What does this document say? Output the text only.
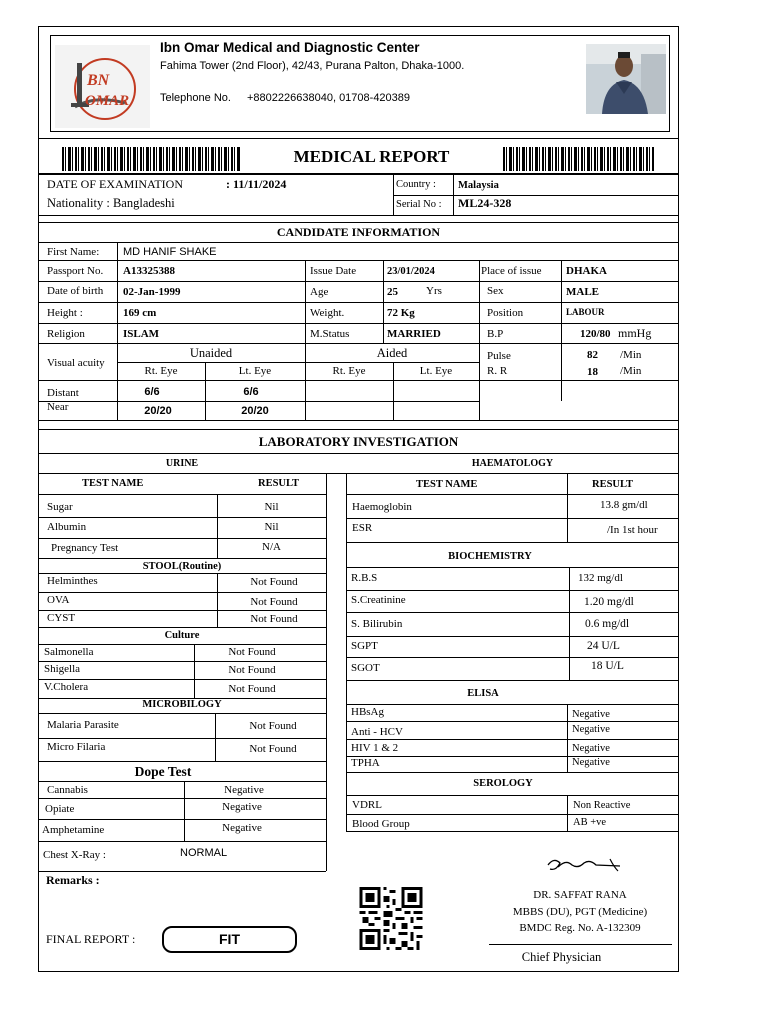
BN
OMAR
Ibn Omar Medical and Diagnostic Center
Fahima Tower (2nd Floor), 42/43, Purana Palton, Dhaka-1000.
Telephone No. +8802226638040, 01708-420389
MEDICAL REPORT
DATE OF EXAMINATION	: 11/11/2024
Nationality : Bangladeshi
Country : Malaysia
Serial No : ML24-328
CANDIDATE INFORMATION
First Name: MD HANIF SHAKE
Passport No. A13325388	Issue Date	23/01/2024	Place of issue DHAKA
Date of birth 02-Jan-1999	Age	25	Yrs	Sex	MALE
Height :	169 cm	Weight.	72 Kg	Position	LABOUR
Religion	ISLAM	M.Status	MARRIED	B.P	120/80 mmHg
Visual acuity
Unaided	Aided
Rt. Eye	Lt. Eye	Rt. Eye	Lt. Eye
Pulse	82 /Min
R. R	18 /Min
Distant	6/6	6/6
Near	20/20	20/20
LABORATORY INVESTIGATION
URINE
TEST NAME	RESULT
Sugar	Nil
Albumin	Nil
Pregnancy Test	N/A
STOOL(Routine)
Helminthes	Not Found
OVA	Not Found
CYST	Not Found
Culture
Salmonella	Not Found
Shigella	Not Found
V.Cholera	Not Found
MICROBILOGY
Malaria Parasite	Not Found
Micro Filaria	Not Found
Dope Test
Cannabis	Negative
Opiate	Negative
Amphetamine	Negative
Chest X-Ray :	NORMAL
HAEMATOLOGY
TEST NAME	RESULT
Haemoglobin	13.8 gm/dl
ESR	/In 1st hour
BIOCHEMISTRY
R.B.S	132 mg/dl
S.Creatinine	1.20 mg/dl
S. Bilirubin	0.6 mg/dl
SGPT	24 U/L
SGOT	18 U/L
ELISA
HBsAg	Negative
Anti - HCV	Negative
HIV 1 & 2	Negative
TPHA	Negative
SEROLOGY
VDRL	Non Reactive
Blood Group	AB +ve
Remarks :
FINAL REPORT :	FIT
DR. SAFFAT RANA
MBBS (DU), PGT (Medicine)
BMDC Reg. No. A-132309
Chief Physician
